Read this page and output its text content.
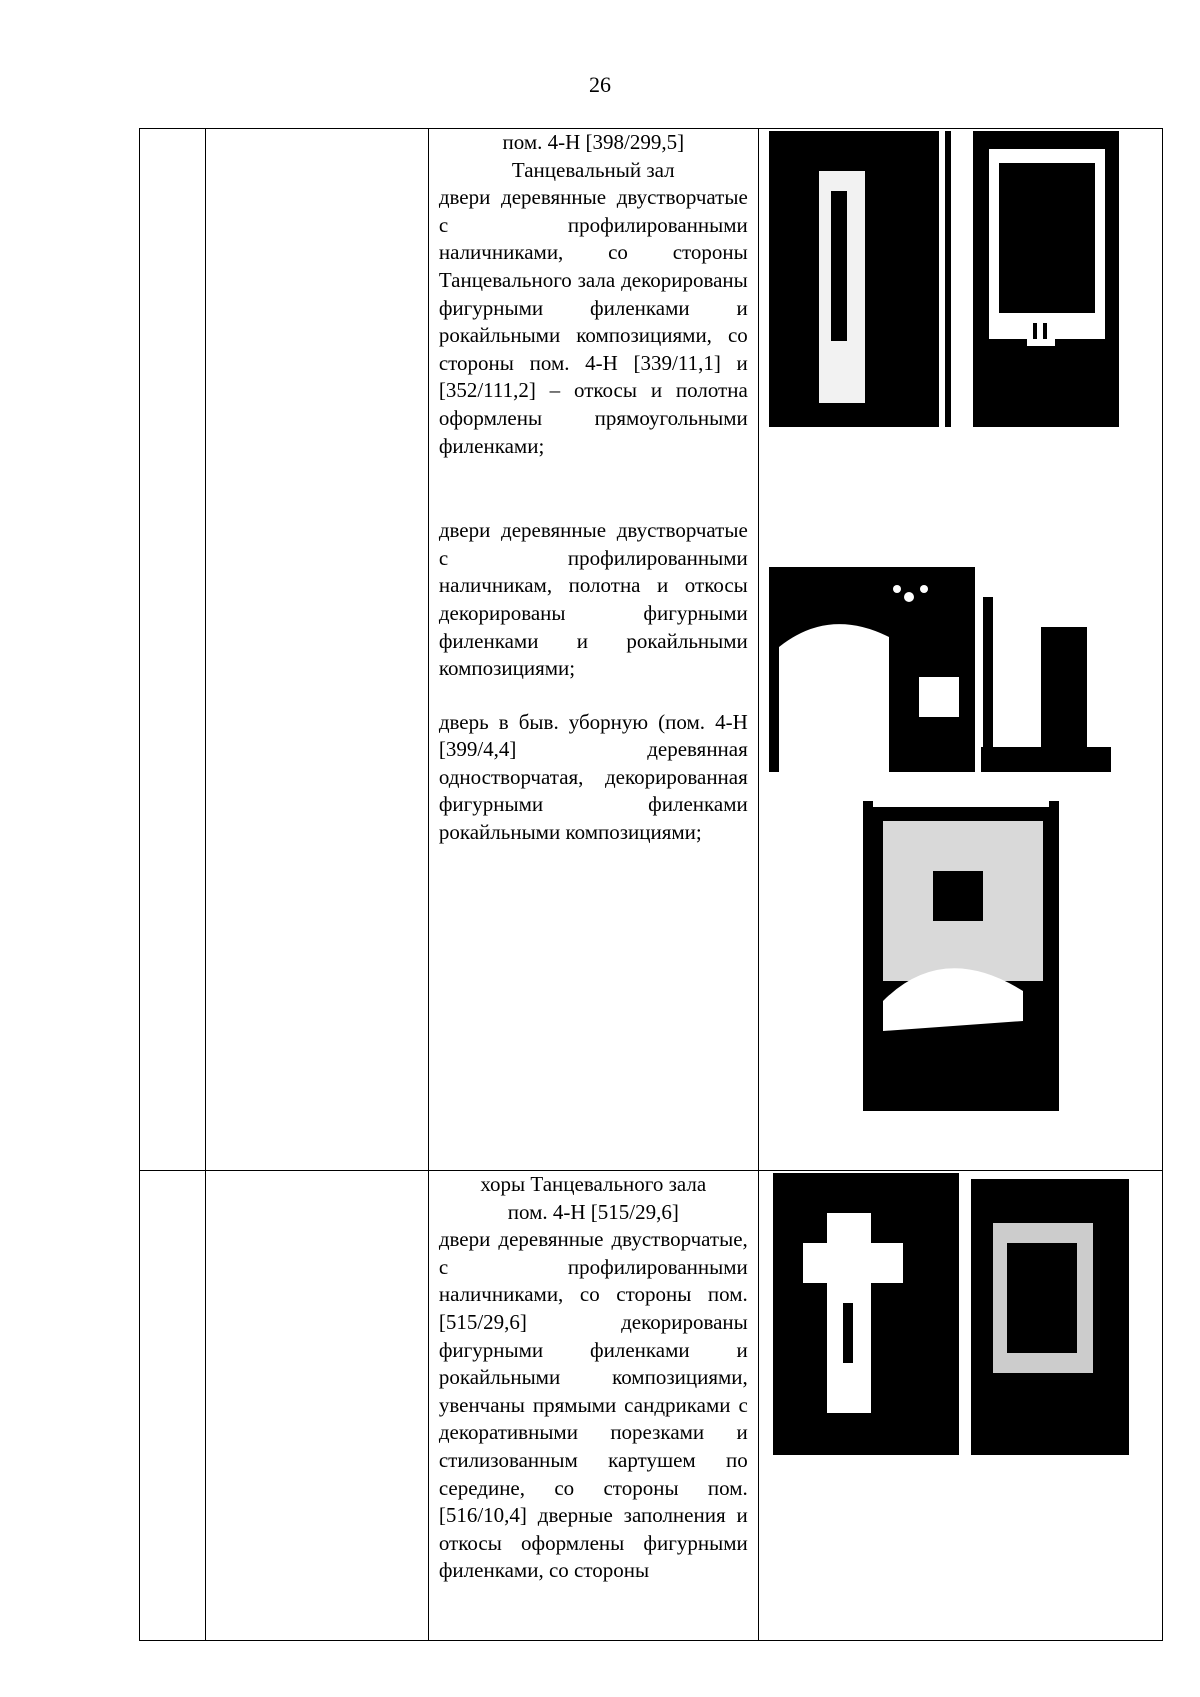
26

		пом. 4-Н [398/299,5]

Танцевальный зал

двери деревянные двустворчатые с профилированными наличниками, со стороны Танцевального зала декорированы фигурными филенками и рокайльными композициями, со стороны пом. 4-Н [339/11,1] и [352/111,2] – откосы и полотна оформлены прямоугольными филенками;

двери деревянные двустворчатые с профилированными наличникам, полотна и откосы декорированы фигурными филенками и рокайльными композициями;

дверь в быв. уборную (пом. 4-Н [399/4,4] деревянная одностворчатая, декорированная фигурными филенками рокайльными композициями;

		хоры Танцевального зала

пом. 4-Н [515/29,6]

двери деревянные двустворчатые, с профилированными наличниками, со стороны пом. [515/29,6] декорированы фигурными филенками и рокайльными композициями, увенчаны прямыми сандриками с декоративными порезками и стилизованным картушем по середине, со стороны пом. [516/10,4] дверные заполнения и откосы оформлены фигурными филенками, со стороны
